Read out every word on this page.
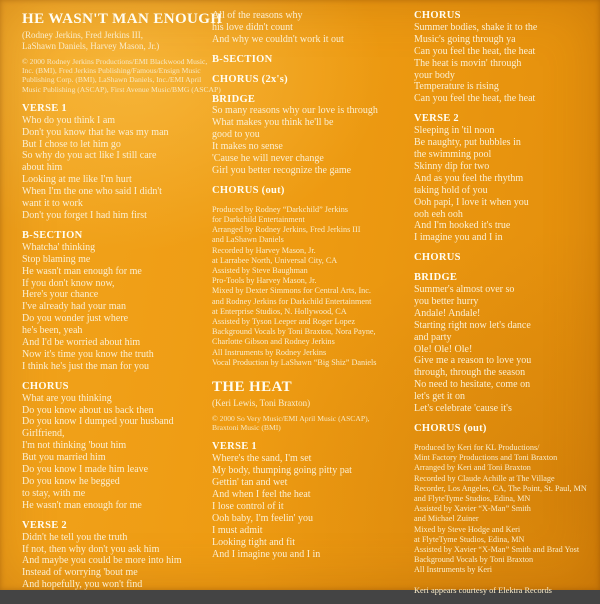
HE WASN'T MAN ENOUGH
(Rodney Jerkins, Fred Jerkins III,
LaShawn Daniels, Harvey Mason, Jr.)
© 2000 Rodney Jerkins Productions/EMI Blackwood Music,
Inc. (BMI), Fred Jerkins Publishing/Famous/Ensign Music
Publishing Corp. (BMI), LaShawn Daniels, Inc./EMI April
Music Publishing (ASCAP), First Avenue Music/BMG (ASCAP)
VERSE 1
Who do you think I am
Don't you know that he was my man
But I chose to let him go
So why do you act like I still care
about him
Looking at me like I'm hurt
When I'm the one who said I didn't
want it to work
Don't you forget I had him first
B-SECTION
Whatcha' thinking
Stop blaming me
He wasn't man enough for me
If you don't know now,
Here's your chance
I've already had your man
Do you wonder just where
he's been, yeah
And I'd be worried about him
Now it's time you know the truth
I think he's just the man for you
CHORUS
What are you thinking
Do you know about us back then
Do you know I dumped your husband
Girlfriend,
I'm not thinking 'bout him
But you married him
Do you know I made him leave
Do you know he begged
to stay, with me
He wasn't man enough for me
VERSE 2
Didn't he tell you the truth
If not, then why don't you ask him
And maybe you could be more into him
Instead of worrying 'bout me
And hopefully, you won't find
All of the reasons why
his love didn't count
And why we couldn't work it out
B-SECTION
CHORUS (2x's)
BRIDGE
So many reasons why our love is through
What makes you think he'll be
good to you
It makes no sense
'Cause he will never change
Girl you better recognize the game
CHORUS (out)
Produced by Rodney “Darkchild” Jerkins
for Darkchild Entertainment
Arranged by Rodney Jerkins, Fred Jerkins III
and LaShawn Daniels
Recorded by Harvey Mason, Jr.
at Larrabee North, Universal City, CA
Assisted by Steve Baughman
Pro-Tools by Harvey Mason, Jr.
Mixed by Dexter Simmons for Central Arts, Inc.
and Rodney Jerkins for Darkchild Entertainment
at Enterprise Studios, N. Hollywood, CA
Assisted by Tyson Leeper and Roger Lopez
Background Vocals by Toni Braxton, Nora Payne,
Charlotte Gibson and Rodney Jerkins
All Instruments by Rodney Jerkins
Vocal Production by LaShawn “Big Shiz” Daniels
THE HEAT
(Keri Lewis, Toni Braxton)
© 2000 So Very Music/EMI April Music (ASCAP),
Braxtoni Music (BMI)
VERSE 1
Where's the sand, I'm set
My body, thumping going pitty pat
Gettin' tan and wet
And when I feel the heat
I lose control of it
Ooh baby, I'm feelin' you
I must admit
Looking tight and fit
And I imagine you and I in
CHORUS
Summer bodies, shake it to the
Music's going through ya
Can you feel the heat, the heat
The heat is movin' through
your body
Temperature is rising
Can you feel the heat, the heat
VERSE 2
Sleeping in 'til noon
Be naughty, put bubbles in
the swimming pool
Skinny dip for two
And as you feel the rhythm
taking hold of you
Ooh papi, I love it when you
ooh eeh ooh
And I'm hooked it's true
I imagine you and I in
CHORUS
BRIDGE
Summer's almost over so
you better hurry
Andale! Andale!
Starting right now let's dance
and party
Ole! Ole! Ole!
Give me a reason to love you
through, through the season
No need to hesitate, come on
let's get it on
Let's celebrate 'cause it's
CHORUS (out)
Produced by Keri for KL Productions/
Mint Factory Productions and Toni Braxton
Arranged by Keri and Toni Braxton
Recorded by Claude Achille at The Village
Recorder, Los Angeles, CA, The Point, St. Paul, MN
and FlyteTyme Studios, Edina, MN
Assisted by Xavier “X-Man” Smith
and Michael Zuiner
Mixed by Steve Hodge and Keri
at FlyteTyme Studios, Edina, MN
Assisted by Xavier “X-Man” Smith and Brad Yost
Background Vocals by Toni Braxton
All Instruments by Keri
Keri appears courtesy of Elektra Records
